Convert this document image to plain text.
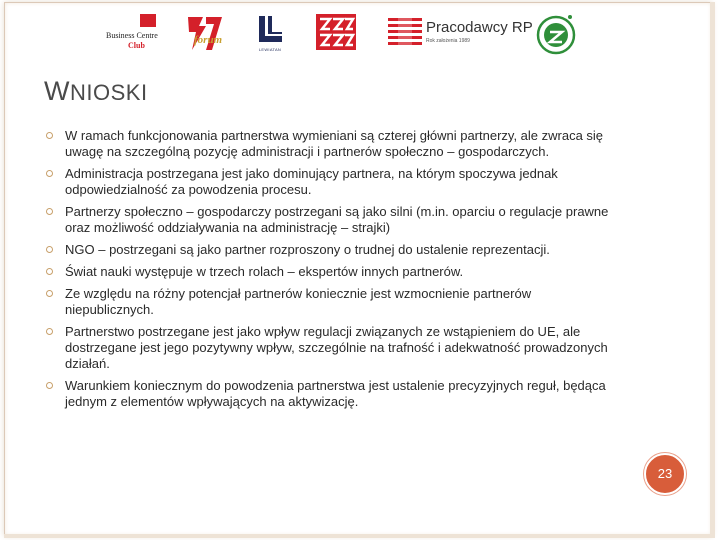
Business Centre
Club	forum
LEWIATAN
Pracodawcy RP
Rok założenia 1989
WNIOSKI
W ramach funkcjonowania partnerstwa wymieniani są czterej główni partnerzy, ale zwraca się uwagę na szczególną pozycję administracji i partnerów społeczno – gospodarczych.
Administracja postrzegana jest jako dominujący partnera, na którym spoczywa jednak odpowiedzialność za powodzenia procesu.
Partnerzy społeczno – gospodarczy postrzegani są jako silni (m.in. oparciu o regulacje prawne oraz możliwość oddziaływania na administrację – strajki)
NGO – postrzegani są jako partner rozproszony o trudnej do ustalenie reprezentacji.
Świat nauki występuje w trzech rolach – ekspertów innych partnerów.
Ze względu na różny potencjał partnerów koniecznie jest wzmocnienie partnerów niepublicznych.
Partnerstwo postrzegane jest jako wpływ regulacji związanych ze wstąpieniem do UE, ale dostrzegane jest jego pozytywny wpływ, szczególnie na trafność i adekwatność prowadzonych działań.
Warunkiem koniecznym do powodzenia partnerstwa jest ustalenie precyzyjnych reguł, będąca jednym z elementów wpływających na aktywizację.
23
